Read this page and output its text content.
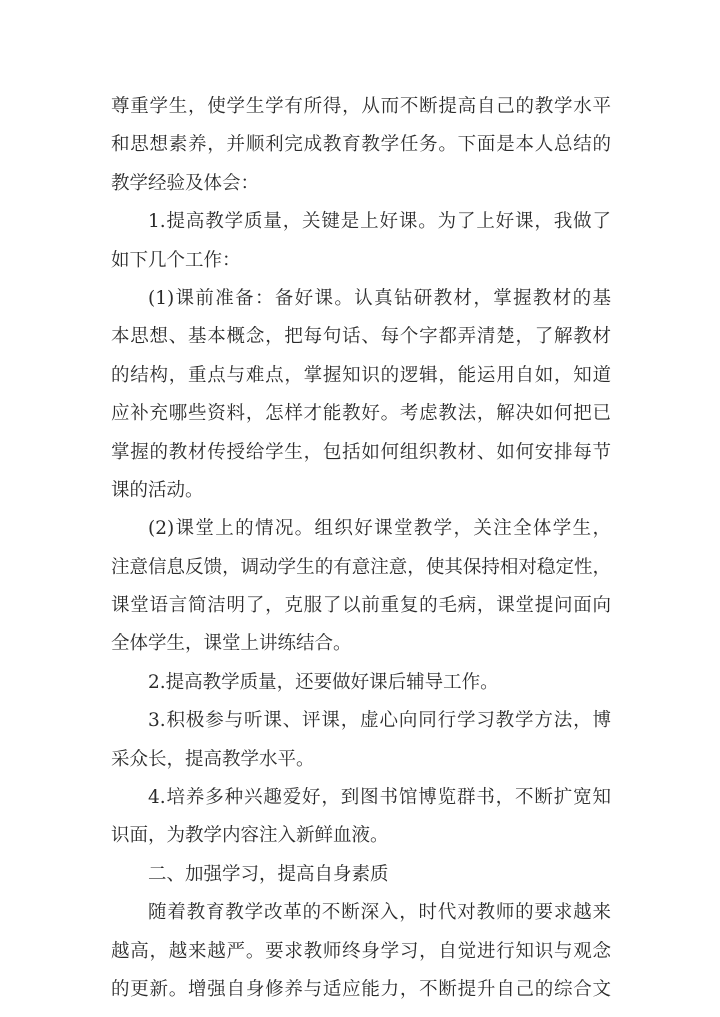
尊重学生，使学生学有所得，从而不断提高自己的教学水平
和思想素养，并顺利完成教育教学任务。下面是本人总结的
教学经验及体会：
1.提高教学质量，关键是上好课。为了上好课，我做了
如下几个工作：
(1)课前准备：备好课。认真钻研教材，掌握教材的基
本思想、基本概念，把每句话、每个字都弄清楚，了解教材
的结构，重点与难点，掌握知识的逻辑，能运用自如，知道
应补充哪些资料，怎样才能教好。考虑教法，解决如何把已
掌握的教材传授给学生，包括如何组织教材、如何安排每节
课的活动。
(2)课堂上的情况。组织好课堂教学，关注全体学生，
注意信息反馈，调动学生的有意注意，使其保持相对稳定性，
课堂语言简洁明了，克服了以前重复的毛病，课堂提问面向
全体学生，课堂上讲练结合。
2.提高教学质量，还要做好课后辅导工作。
3.积极参与听课、评课，虚心向同行学习教学方法，博
采众长，提高教学水平。
4.培养多种兴趣爱好，到图书馆博览群书，不断扩宽知
识面，为教学内容注入新鲜血液。
二、加强学习，提高自身素质
随着教育教学改革的不断深入，时代对教师的要求越来
越高，越来越严。要求教师终身学习，自觉进行知识与观念
的更新。增强自身修养与适应能力，不断提升自己的综合文
